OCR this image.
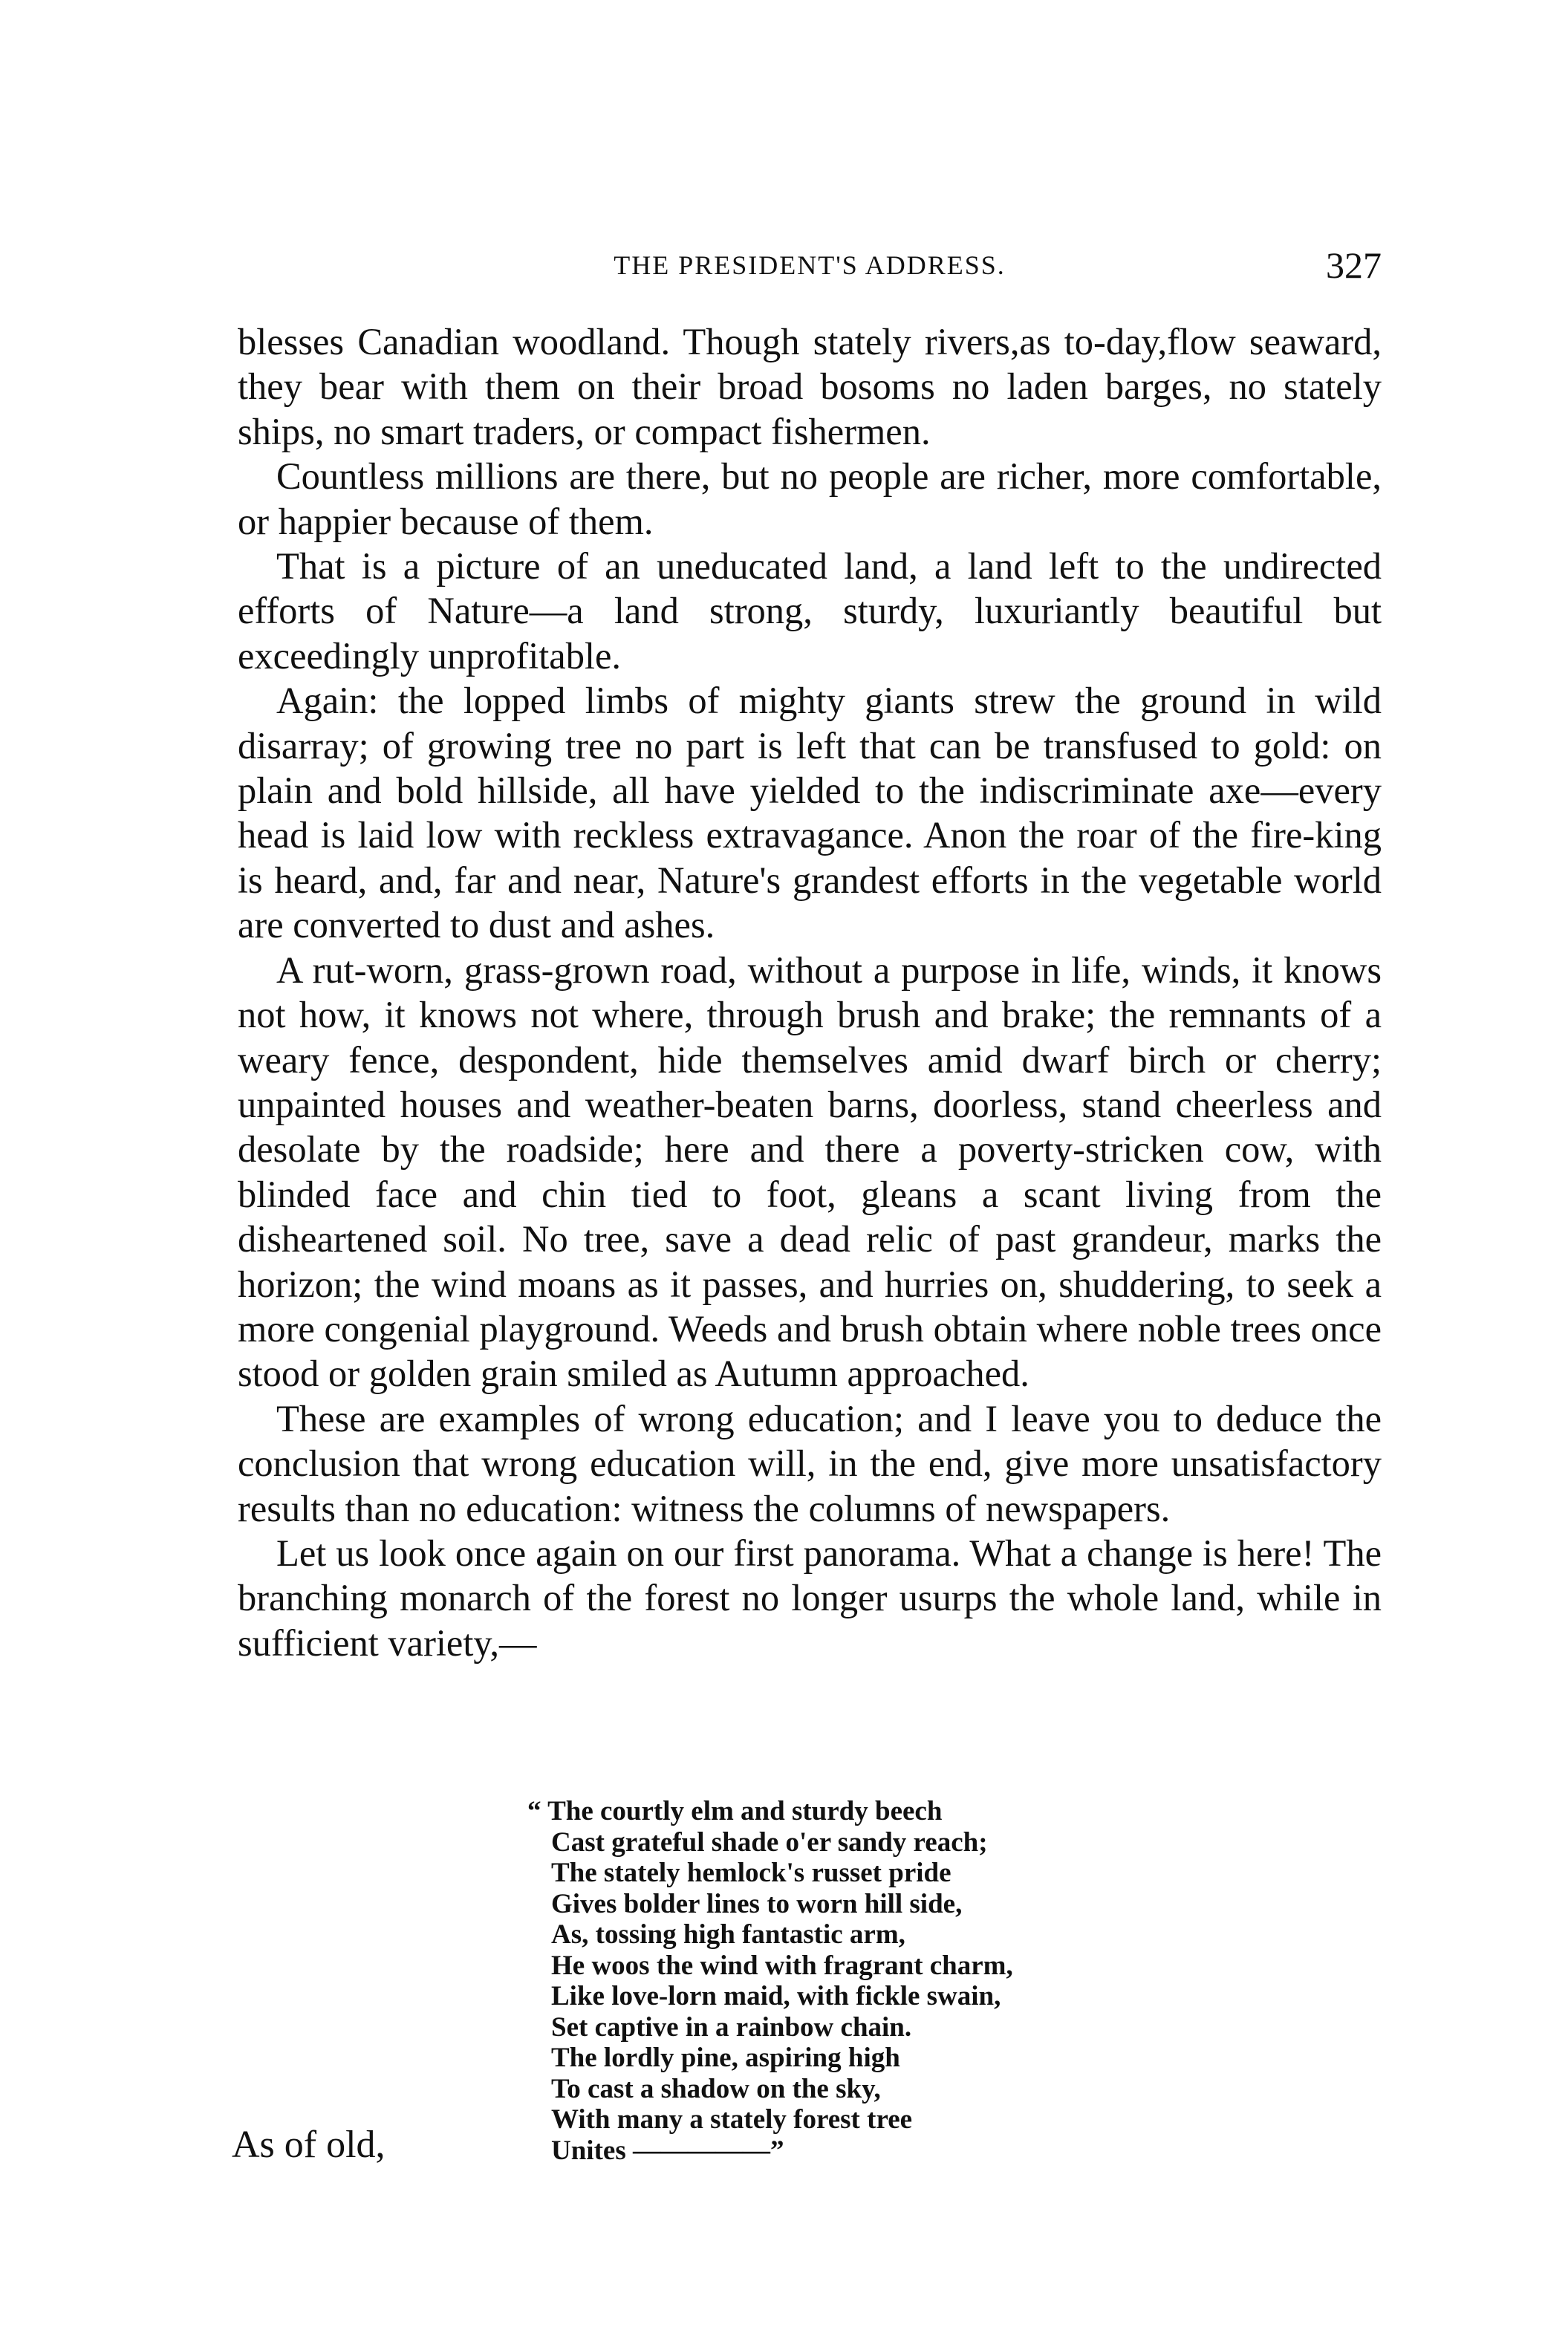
THE PRESIDENT'S ADDRESS.	327

blesses Canadian woodland. Though stately rivers,as to-day,flow seaward, they bear with them on their broad bosoms no laden barges, no stately ships, no smart traders, or compact fishermen.

Countless millions are there, but no people are richer, more comfortable, or happier because of them.

That is a picture of an uneducated land, a land left to the undirected efforts of Nature—a land strong, sturdy, luxuriantly beautiful but exceedingly unprofitable.

Again: the lopped limbs of mighty giants strew the ground in wild disarray; of growing tree no part is left that can be transfused to gold: on plain and bold hillside, all have yielded to the indiscriminate axe—every head is laid low with reckless extravagance. Anon the roar of the fire-king is heard, and, far and near, Nature's grandest efforts in the vegetable world are converted to dust and ashes.

A rut-worn, grass-grown road, without a purpose in life, winds, it knows not how, it knows not where, through brush and brake; the remnants of a weary fence, despondent, hide themselves amid dwarf birch or cherry; unpainted houses and weather-beaten barns, doorless, stand cheerless and desolate by the roadside; here and there a poverty-stricken cow, with blinded face and chin tied to foot, gleans a scant living from the disheartened soil. No tree, save a dead relic of past grandeur, marks the horizon; the wind moans as it passes, and hurries on, shuddering, to seek a more congenial playground. Weeds and brush obtain where noble trees once stood or golden grain smiled as Autumn approached.

These are examples of wrong education; and I leave you to deduce the conclusion that wrong education will, in the end, give more unsatisfactory results than no education: witness the columns of newspapers.

Let us look once again on our first panorama. What a change is here! The branching monarch of the forest no longer usurps the whole land, while in sufficient variety,—

“ The courtly elm and sturdy beech
Cast grateful shade o'er sandy reach;
The stately hemlock's russet pride
Gives bolder lines to worn hill side,
As, tossing high fantastic arm,
He woos the wind with fragrant charm,
Like love-lorn maid, with fickle swain,
Set captive in a rainbow chain.
The lordly pine, aspiring high
To cast a shadow on the sky,
With many a stately forest tree
Unites —————”
As of old,
